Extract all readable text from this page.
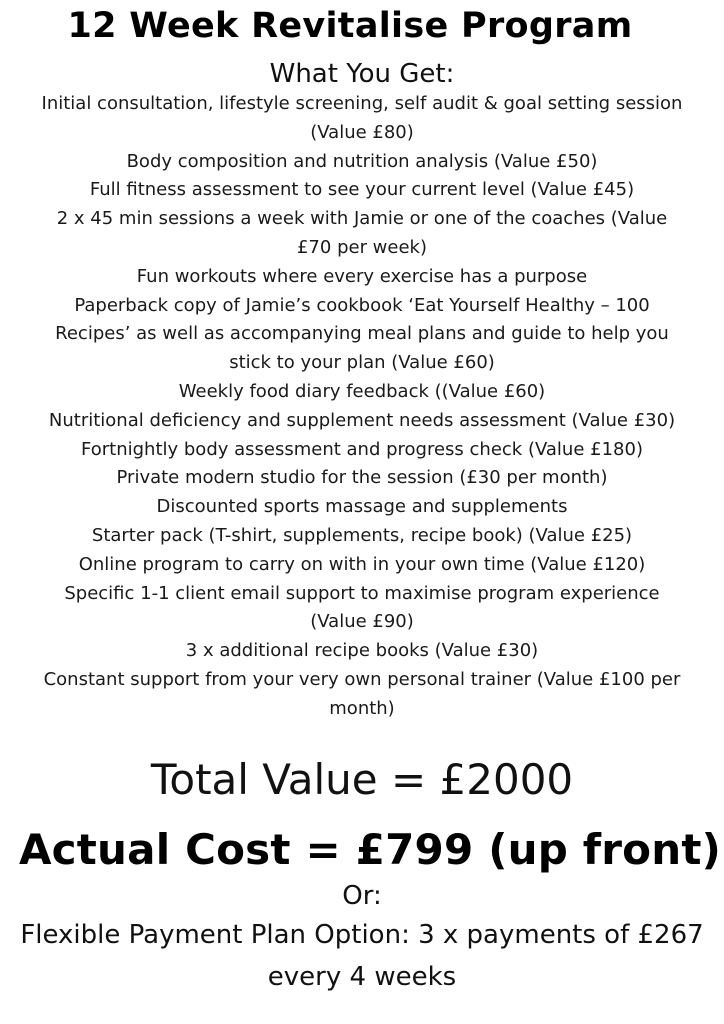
12 Week Revitalise Program
What You Get:
Initial consultation, lifestyle screening, self audit & goal setting session (Value £80)
Body composition and nutrition analysis (Value £50)
Full fitness assessment to see your current level (Value £45)
2 x 45 min sessions a week with Jamie or one of the coaches (Value £70 per week)
Fun workouts where every exercise has a purpose
Paperback copy of Jamie’s cookbook ‘Eat Yourself Healthy – 100 Recipes’ as well as accompanying meal plans and guide to help you stick to your plan (Value £60)
Weekly food diary feedback ((Value £60)
Nutritional deficiency and supplement needs assessment (Value £30)
Fortnightly body assessment and progress check (Value £180)
Private modern studio for the session (£30 per month)
Discounted sports massage and supplements
Starter pack (T-shirt, supplements, recipe book) (Value £25)
Online program to carry on with in your own time (Value £120)
Specific 1-1 client email support to maximise program experience (Value £90)
3 x additional recipe books (Value £30)
Constant support from your very own personal trainer (Value £100 per month)
Total Value = £2000
Actual Cost = £799 (up front)
Or:
Flexible Payment Plan Option: 3 x payments of £267 every 4 weeks
